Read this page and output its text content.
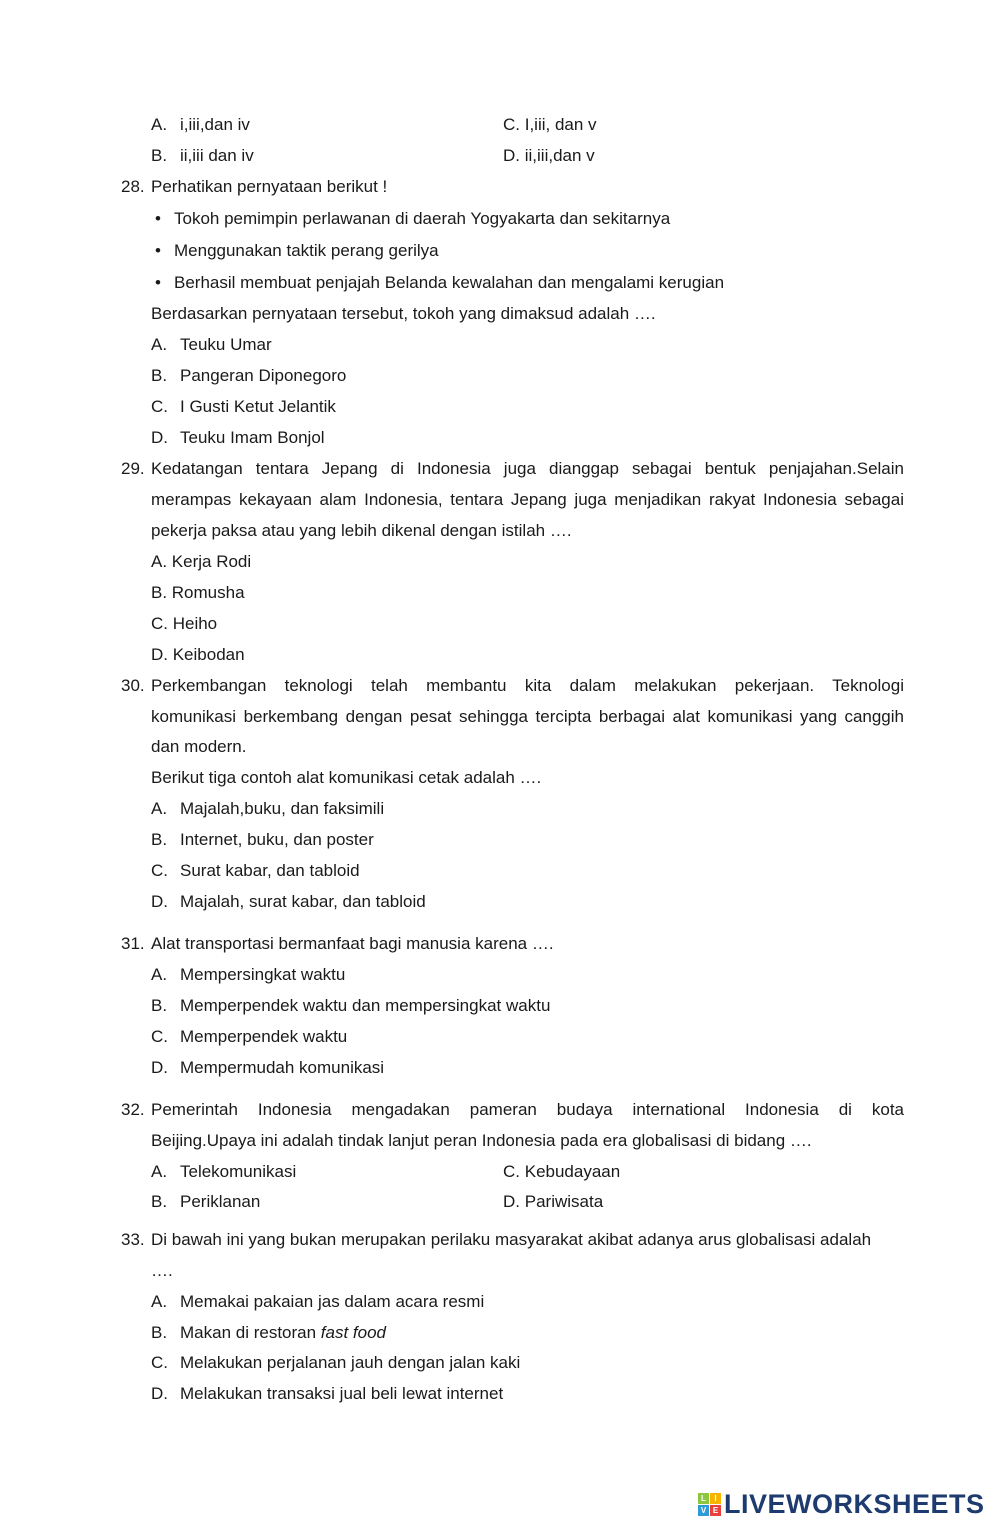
A. i,iii,dan iv	C. I,iii, dan v
B. ii,iii dan iv	D. ii,iii,dan v
28. Perhatikan pernyataan berikut !
• Tokoh pemimpin perlawanan di daerah Yogyakarta dan sekitarnya
• Menggunakan taktik perang gerilya
• Berhasil membuat penjajah Belanda kewalahan dan mengalami kerugian
Berdasarkan pernyataan tersebut, tokoh yang dimaksud adalah ….
A. Teuku Umar
B. Pangeran Diponegoro
C. I Gusti Ketut Jelantik
D. Teuku Imam Bonjol
29. Kedatangan tentara Jepang di Indonesia juga dianggap sebagai bentuk penjajahan.Selain
merampas kekayaan alam Indonesia, tentara Jepang juga menjadikan rakyat Indonesia sebagai
pekerja paksa atau yang lebih dikenal dengan istilah ….
A. Kerja Rodi
B. Romusha
C. Heiho
D. Keibodan
30. Perkembangan teknologi telah membantu kita dalam melakukan pekerjaan. Teknologi
komunikasi berkembang dengan pesat sehingga tercipta berbagai alat komunikasi yang canggih
dan modern.
Berikut tiga contoh alat komunikasi cetak adalah ….
A. Majalah,buku, dan faksimili
B. Internet, buku, dan poster
C. Surat kabar, dan tabloid
D. Majalah, surat kabar, dan tabloid
31. Alat transportasi bermanfaat bagi manusia karena ….
A. Mempersingkat waktu
B. Memperpendek waktu dan mempersingkat waktu
C. Memperpendek waktu
D. Mempermudah komunikasi
32. Pemerintah Indonesia mengadakan pameran budaya international Indonesia di kota
Beijing.Upaya ini adalah tindak lanjut peran Indonesia pada era globalisasi di bidang ….
A. Telekomunikasi	C. Kebudayaan
B. Periklanan	D. Pariwisata
33. Di bawah ini yang bukan merupakan perilaku masyarakat akibat adanya arus globalisasi adalah
….
A. Memakai pakaian jas dalam acara resmi
B. Makan di restoran fast food
C. Melakukan perjalanan jauh dengan jalan kaki
D. Melakukan transaksi jual beli lewat internet
L	I
V E LIVEWORKSHEETS
